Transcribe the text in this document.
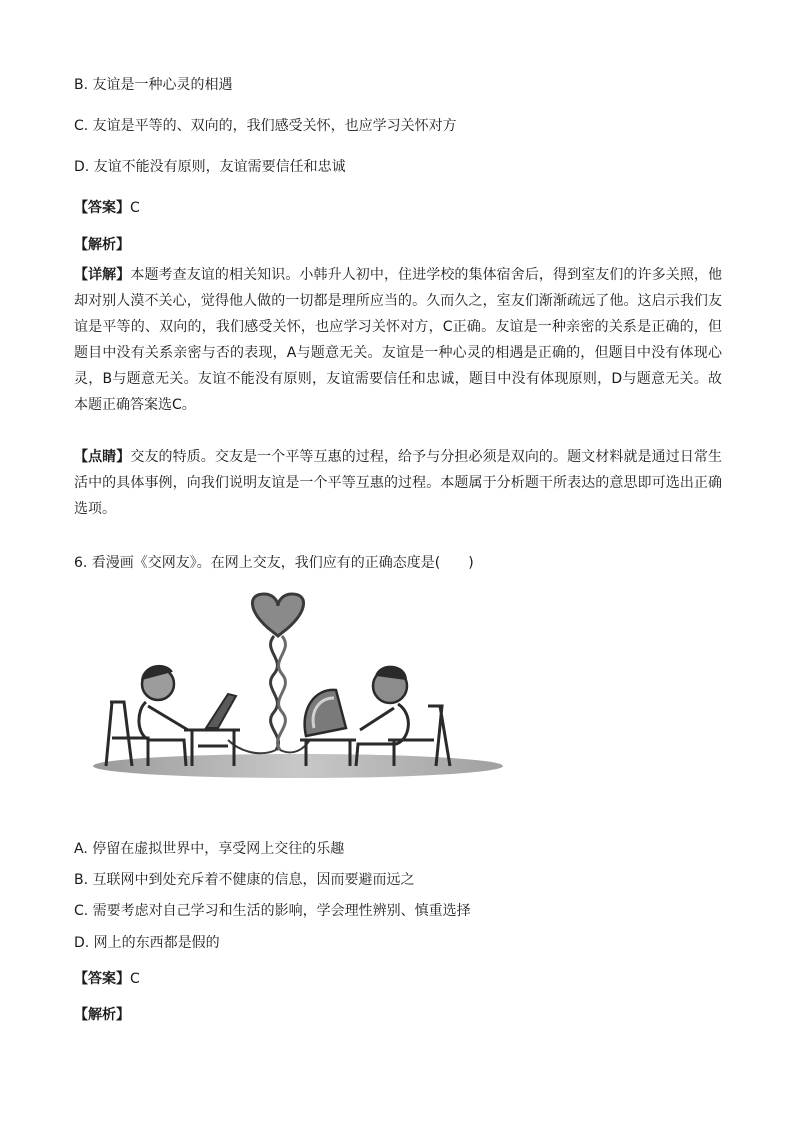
B. 友谊是一种心灵的相遇
C. 友谊是平等的、双向的，我们感受关怀，也应学习关怀对方
D. 友谊不能没有原则，友谊需要信任和忠诚
【答案】C
【解析】
【详解】本题考查友谊的相关知识。小韩升人初中，住进学校的集体宿舍后，得到室友们的许多关照，他却对别人漠不关心，觉得他人做的一切都是理所应当的。久而久之，室友们渐渐疏远了他。这启示我们友谊是平等的、双向的，我们感受关怀，也应学习关怀对方，C正确。友谊是一种亲密的关系是正确的，但题目中没有关系亲密与否的表现，A与题意无关。友谊是一种心灵的相遇是正确的，但题目中没有体现心灵，B与题意无关。友谊不能没有原则，友谊需要信任和忠诚，题目中没有体现原则，D与题意无关。故本题正确答案选C。
【点睛】交友的特质。交友是一个平等互惠的过程，给予与分担必须是双向的。题文材料就是通过日常生活中的具体事例，向我们说明友谊是一个平等互惠的过程。本题属于分析题干所表达的意思即可选出正确选项。
6. 看漫画《交网友》。在网上交友，我们应有的正确态度是(　　)
A. 停留在虚拟世界中，享受网上交往的乐趣
B. 互联网中到处充斥着不健康的信息，因而要避而远之
C. 需要考虑对自己学习和生活的影响，学会理性辨别、慎重选择
D. 网上的东西都是假的
【答案】C
【解析】
